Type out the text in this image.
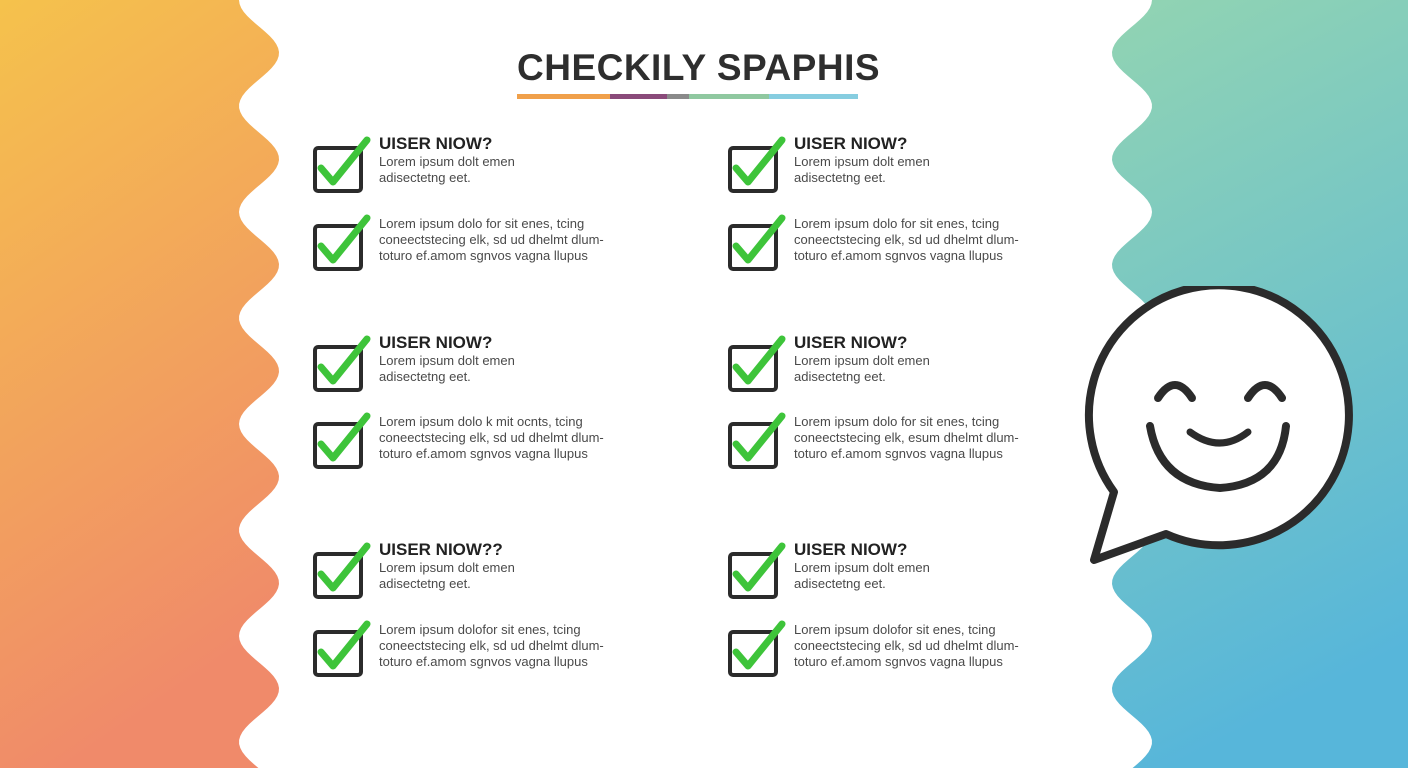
CHECKILY SPAPHIS
UISER NIOW?
Lorem ipsum dolt emen
adisectetng eet.
Lorem ipsum dolo for sit enes, tcing
coneectstecing elk, sd ud dhelmt dlum-
toturo ef.amom sgnvos vagna llupus
UISER NIOW?
Lorem ipsum dolt emen
adisectetng eet.
Lorem ipsum dolo k mit ocnts, tcing
coneectstecing elk, sd ud dhelmt dlum-
toturo ef.amom sgnvos vagna llupus
UISER NIOW??
Lorem ipsum dolt emen
adisectetng eet.
Lorem ipsum dolofor sit enes, tcing
coneectstecing elk, sd ud dhelmt dlum-
toturo ef.amom sgnvos vagna llupus
UISER NIOW?
Lorem ipsum dolt emen
adisectetng eet.
Lorem ipsum dolo for sit enes, tcing
coneectstecing elk, sd ud dhelmt dlum-
toturo ef.amom sgnvos vagna llupus
UISER NIOW?
Lorem ipsum dolt emen
adisectetng eet.
Lorem ipsum dolo for sit enes, tcing
coneectstecing elk, esum dhelmt dlum-
toturo ef.amom sgnvos vagna llupus
UISER NIOW?
Lorem ipsum dolt emen
adisectetng eet.
Lorem ipsum dolofor sit enes, tcing
coneectstecing elk, sd ud dhelmt dlum-
toturo ef.amom sgnvos vagna llupus
